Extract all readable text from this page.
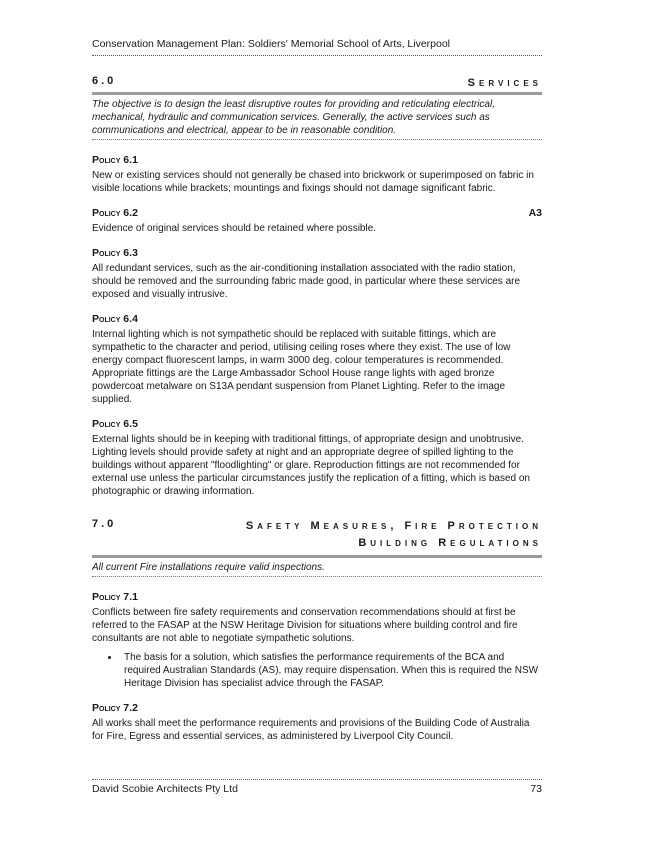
Conservation Management Plan: Soldiers' Memorial School of Arts, Liverpool
6.0	Services
The objective is to design the least disruptive routes for providing and reticulating electrical, mechanical, hydraulic and communication services. Generally, the active services such as communications and electrical, appear to be in reasonable condition.
Policy 6.1

New or existing services should not generally be chased into brickwork or superimposed on fabric in visible locations while brackets; mountings and fixings should not damage significant fabric.

Policy 6.2	A3

Evidence of original services should be retained where possible.

Policy 6.3

All redundant services, such as the air-conditioning installation associated with the radio station, should be removed and the surrounding fabric made good, in particular where these services are exposed and visually intrusive.

Policy 6.4

Internal lighting which is not sympathetic should be replaced with suitable fittings, which are sympathetic to the character and period, utilising ceiling roses where they exist. The use of low energy compact fluorescent lamps, in warm 3000 deg. colour temperatures is recommended. Appropriate fittings are the Large Ambassador School House range lights with aged bronze powdercoat metalware on S13A pendant suspension from Planet Lighting. Refer to the image supplied.

Policy 6.5

External lights should be in keeping with traditional fittings, of appropriate design and unobtrusive. Lighting levels should provide safety at night and an appropriate degree of spilled lighting to the buildings without apparent "floodlighting" or glare. Reproduction fittings are not recommended for external use unless the particular circumstances justify the replication of a fitting, which is based on photographic or drawing information.

7.0	Safety Measures, Fire Protection
Building Regulations
All current Fire installations require valid inspections.
Policy 7.1

Conflicts between fire safety requirements and conservation recommendations should at first be referred to the FASAP at the NSW Heritage Division for situations where building control and fire consultants are not able to negotiate sympathetic solutions.

• The basis for a solution, which satisfies the performance requirements of the BCA and required Australian Standards (AS), may require dispensation. When this is required the NSW Heritage Division has specialist advice through the FASAP.
Policy 7.2

All works shall meet the performance requirements and provisions of the Building Code of Australia for Fire, Egress and essential services, as administered by Liverpool City Council.

David Scobie Architects Pty Ltd	73
